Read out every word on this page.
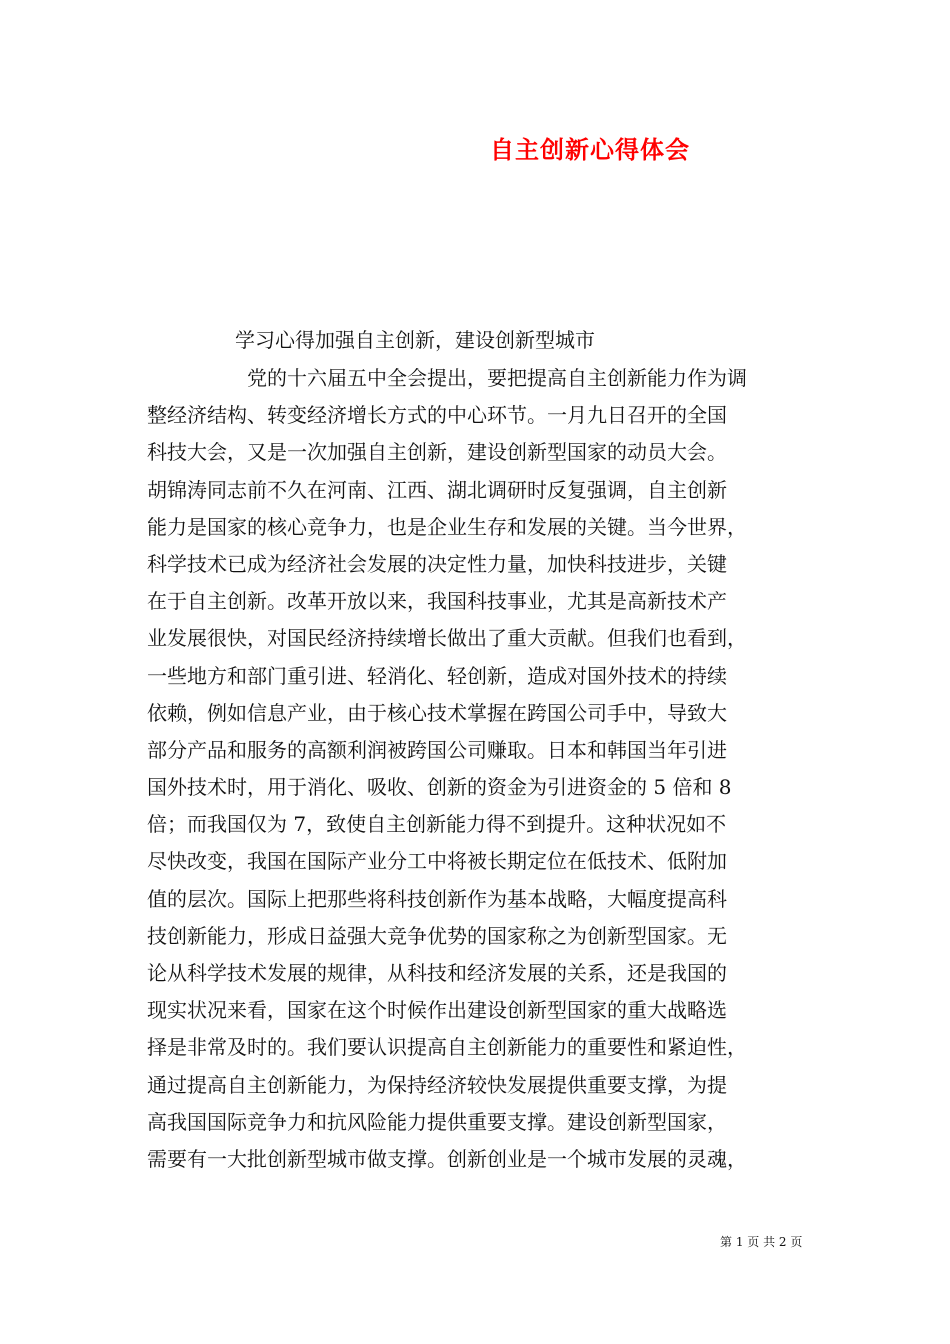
自主创新心得体会
学习心得加强自主创新，建设创新型城市
党的十六届五中全会提出，要把提高自主创新能力作为调
整经济结构、转变经济增长方式的中心环节。一月九日召开的全国
科技大会，又是一次加强自主创新，建设创新型国家的动员大会。
胡锦涛同志前不久在河南、江西、湖北调研时反复强调，自主创新
能力是国家的核心竞争力，也是企业生存和发展的关键。当今世界，
科学技术已成为经济社会发展的决定性力量，加快科技进步，关键
在于自主创新。改革开放以来，我国科技事业，尤其是高新技术产
业发展很快，对国民经济持续增长做出了重大贡献。但我们也看到，
一些地方和部门重引进、轻消化、轻创新，造成对国外技术的持续
依赖，例如信息产业，由于核心技术掌握在跨国公司手中，导致大
部分产品和服务的高额利润被跨国公司赚取。日本和韩国当年引进
国外技术时，用于消化、吸收、创新的资金为引进资金的 5 倍和 8
倍；而我国仅为 7，致使自主创新能力得不到提升。这种状况如不
尽快改变，我国在国际产业分工中将被长期定位在低技术、低附加
值的层次。国际上把那些将科技创新作为基本战略，大幅度提高科
技创新能力，形成日益强大竞争优势的国家称之为创新型国家。无
论从科学技术发展的规律，从科技和经济发展的关系，还是我国的
现实状况来看，国家在这个时候作出建设创新型国家的重大战略选
择是非常及时的。我们要认识提高自主创新能力的重要性和紧迫性，
通过提高自主创新能力，为保持经济较快发展提供重要支撑，为提
高我国国际竞争力和抗风险能力提供重要支撑。建设创新型国家，
需要有一大批创新型城市做支撑。创新创业是一个城市发展的灵魂，
第 1 页 共 2 页
